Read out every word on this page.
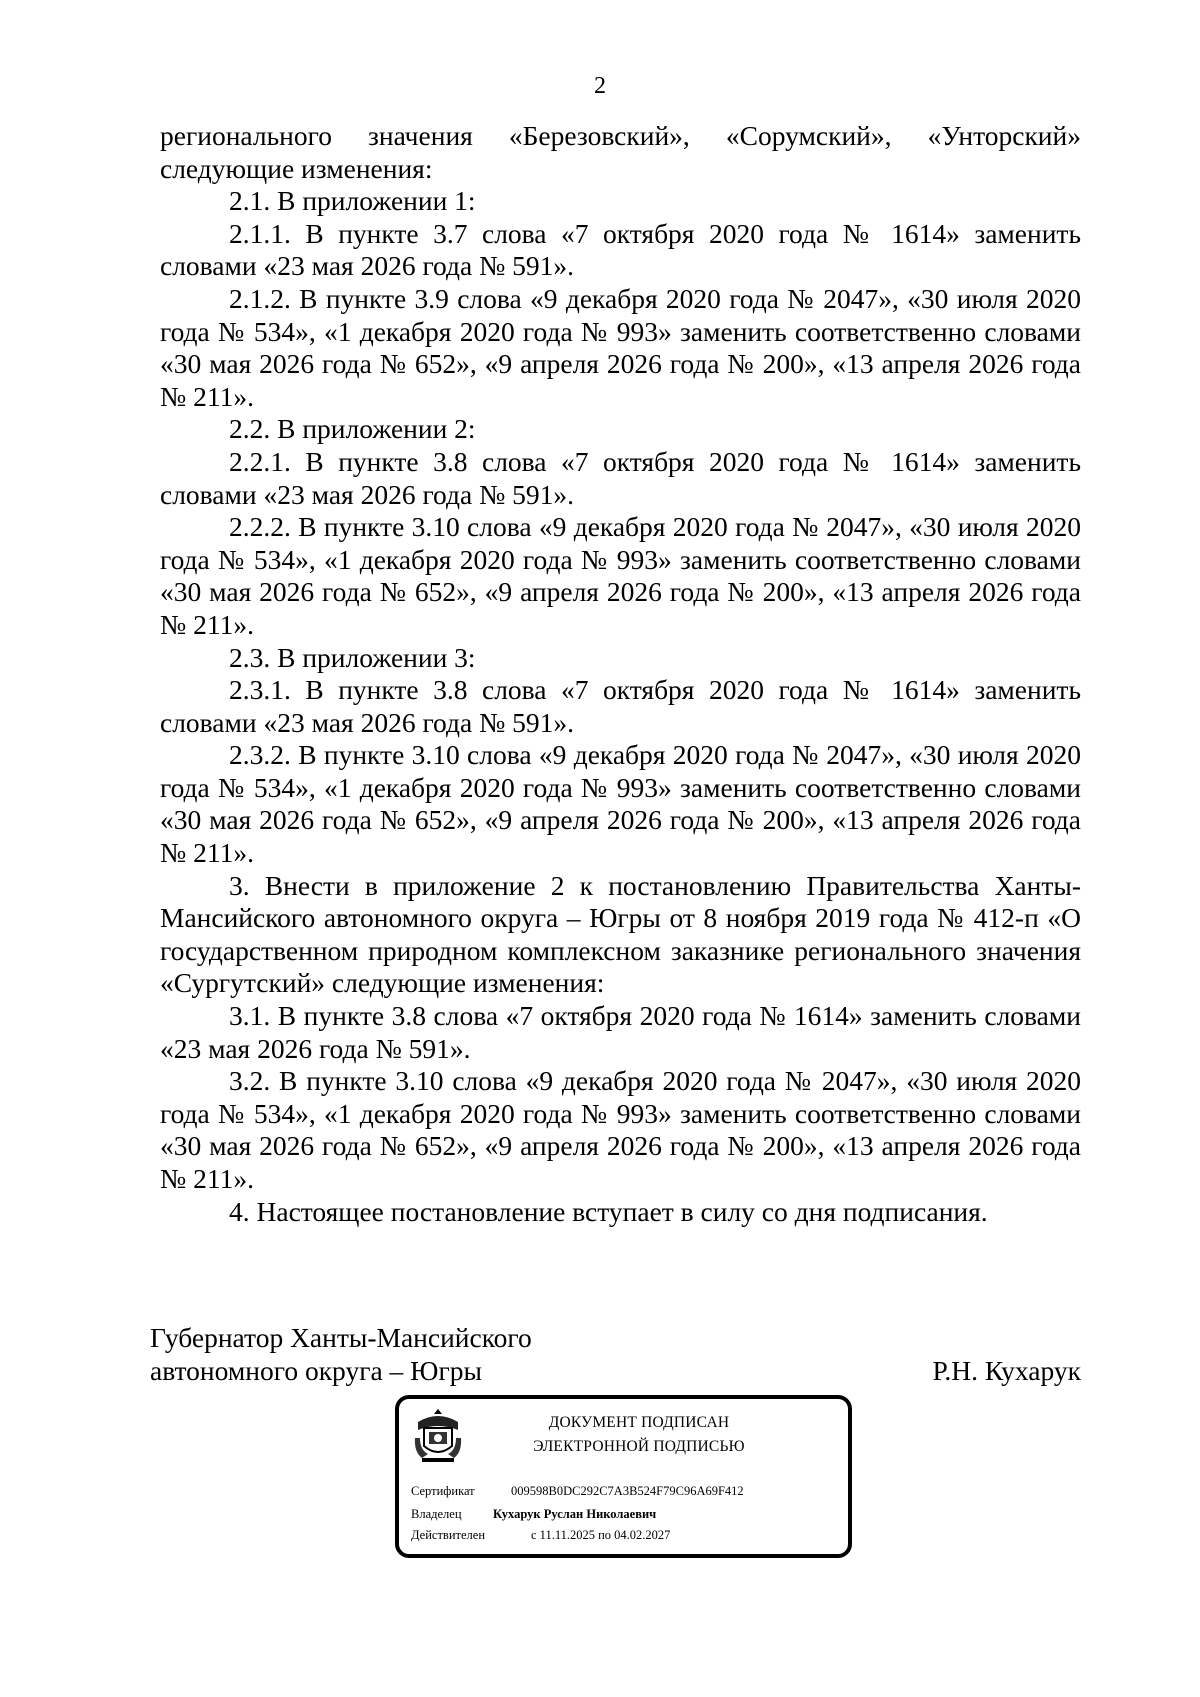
2

регионального значения «Березовский», «Сорумский», «Унторский» следующие изменения:

2.1. В приложении 1:

2.1.1. В пункте 3.7 слова «7 октября 2020 года № 1614» заменить словами «23 мая 2026 года № 591».

2.1.2. В пункте 3.9 слова «9 декабря 2020 года № 2047», «30 июля 2020 года № 534», «1 декабря 2020 года № 993» заменить соответственно словами «30 мая 2026 года № 652», «9 апреля 2026 года № 200», «13 апреля 2026 года № 211».

2.2. В приложении 2:

2.2.1. В пункте 3.8 слова «7 октября 2020 года № 1614» заменить словами «23 мая 2026 года № 591».

2.2.2. В пункте 3.10 слова «9 декабря 2020 года № 2047», «30 июля 2020 года № 534», «1 декабря 2020 года № 993» заменить соответственно словами «30 мая 2026 года № 652», «9 апреля 2026 года № 200», «13 апреля 2026 года № 211».

2.3. В приложении 3:

2.3.1. В пункте 3.8 слова «7 октября 2020 года № 1614» заменить словами «23 мая 2026 года № 591».

2.3.2. В пункте 3.10 слова «9 декабря 2020 года № 2047», «30 июля 2020 года № 534», «1 декабря 2020 года № 993» заменить соответственно словами «30 мая 2026 года № 652», «9 апреля 2026 года № 200», «13 апреля 2026 года № 211».

3. Внести в приложение 2 к постановлению Правительства Ханты-Мансийского автономного округа – Югры от 8 ноября 2019 года № 412-п «О государственном природном комплексном заказнике регионального значения «Сургутский» следующие изменения:

3.1. В пункте 3.8 слова «7 октября 2020 года № 1614» заменить словами «23 мая 2026 года № 591».

3.2. В пункте 3.10 слова «9 декабря 2020 года № 2047», «30 июля 2020 года № 534», «1 декабря 2020 года № 993» заменить соответственно словами «30 мая 2026 года № 652», «9 апреля 2026 года № 200», «13 апреля 2026 года № 211».

4. Настоящее постановление вступает в силу со дня подписания.

Губернатор Ханты-Мансийского
автономного округа – Югры	Р.Н. Кухарук
ДОКУМЕНТ ПОДПИСАН
ЭЛЕКТРОННОЙ ПОДПИСЬЮ
Сертификат	009598B0DC292C7A3B524F79C96A69F412
Владелец	Кухарук Руслан Николаевич
Действителен	с 11.11.2025 по 04.02.2027
